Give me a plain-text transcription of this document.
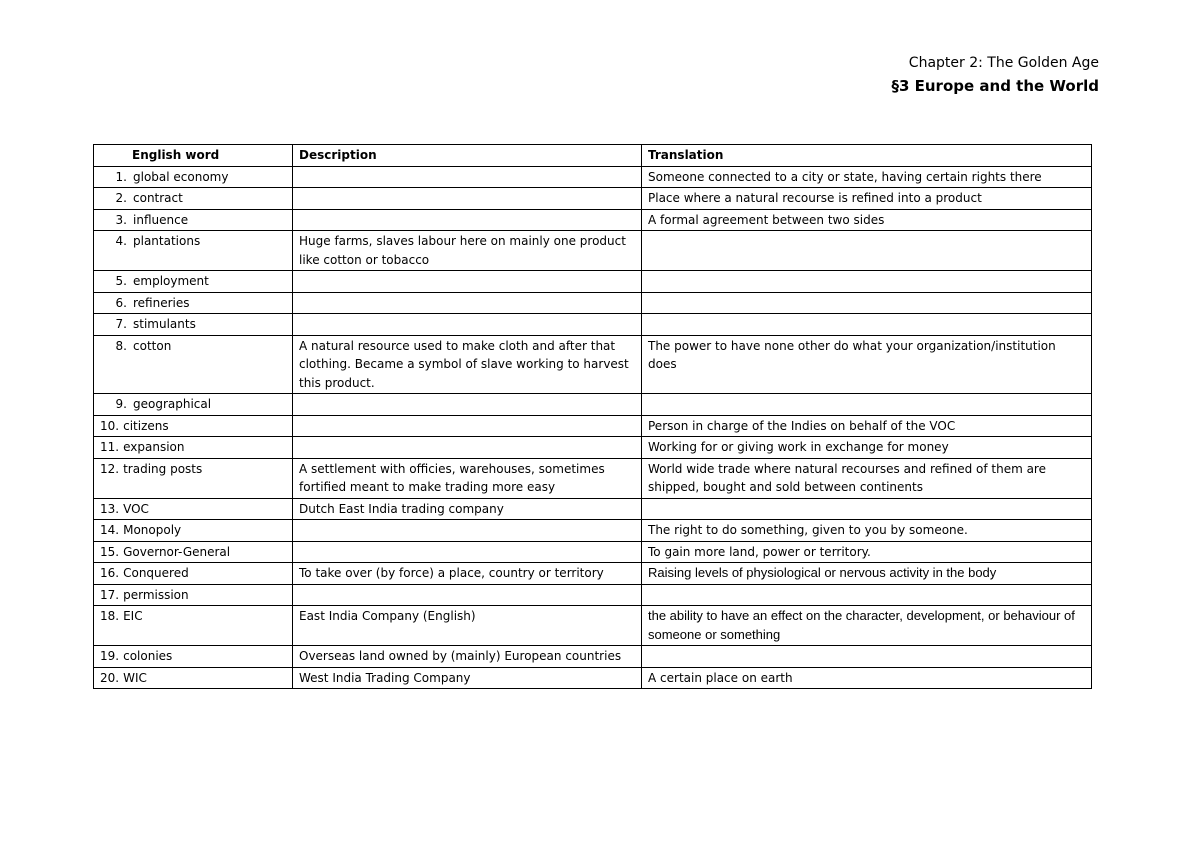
Chapter 2: The Golden Age
§3 Europe and the World
English word	Description	Translation
1. global economy		Someone connected to a city or state, having certain rights there
2. contract		Place where a natural recourse is refined into a product
3. influence		A formal agreement between two sides
4. plantations	Huge farms, slaves labour here on mainly one product like cotton or tobacco	
5. employment		
6. refineries		
7. stimulants		
8. cotton	A natural resource used to make cloth and after that clothing. Became a symbol of slave working to harvest this product.	The power to have none other do what your organization/institution does
9. geographical		
10. citizens		Person in charge of the Indies on behalf of the VOC
11. expansion		Working for or giving work in exchange for money
12. trading posts	A settlement with officies, warehouses, sometimes fortified meant to make trading more easy	World wide trade where natural recourses and refined of them are shipped, bought and sold between continents
13. VOC	Dutch East India trading company	
14. Monopoly		The right to do something, given to you by someone.
15. Governor-General		To gain more land, power or territory.
16. Conquered	To take over (by force) a place, country or territory	Raising levels of physiological or nervous activity in the body
17. permission		
18. EIC	East India Company (English)	the ability to have an effect on the character, development, or behaviour of someone or something
19. colonies	Overseas land owned by (mainly) European countries	
20. WIC	West India Trading Company	A certain place on earth
